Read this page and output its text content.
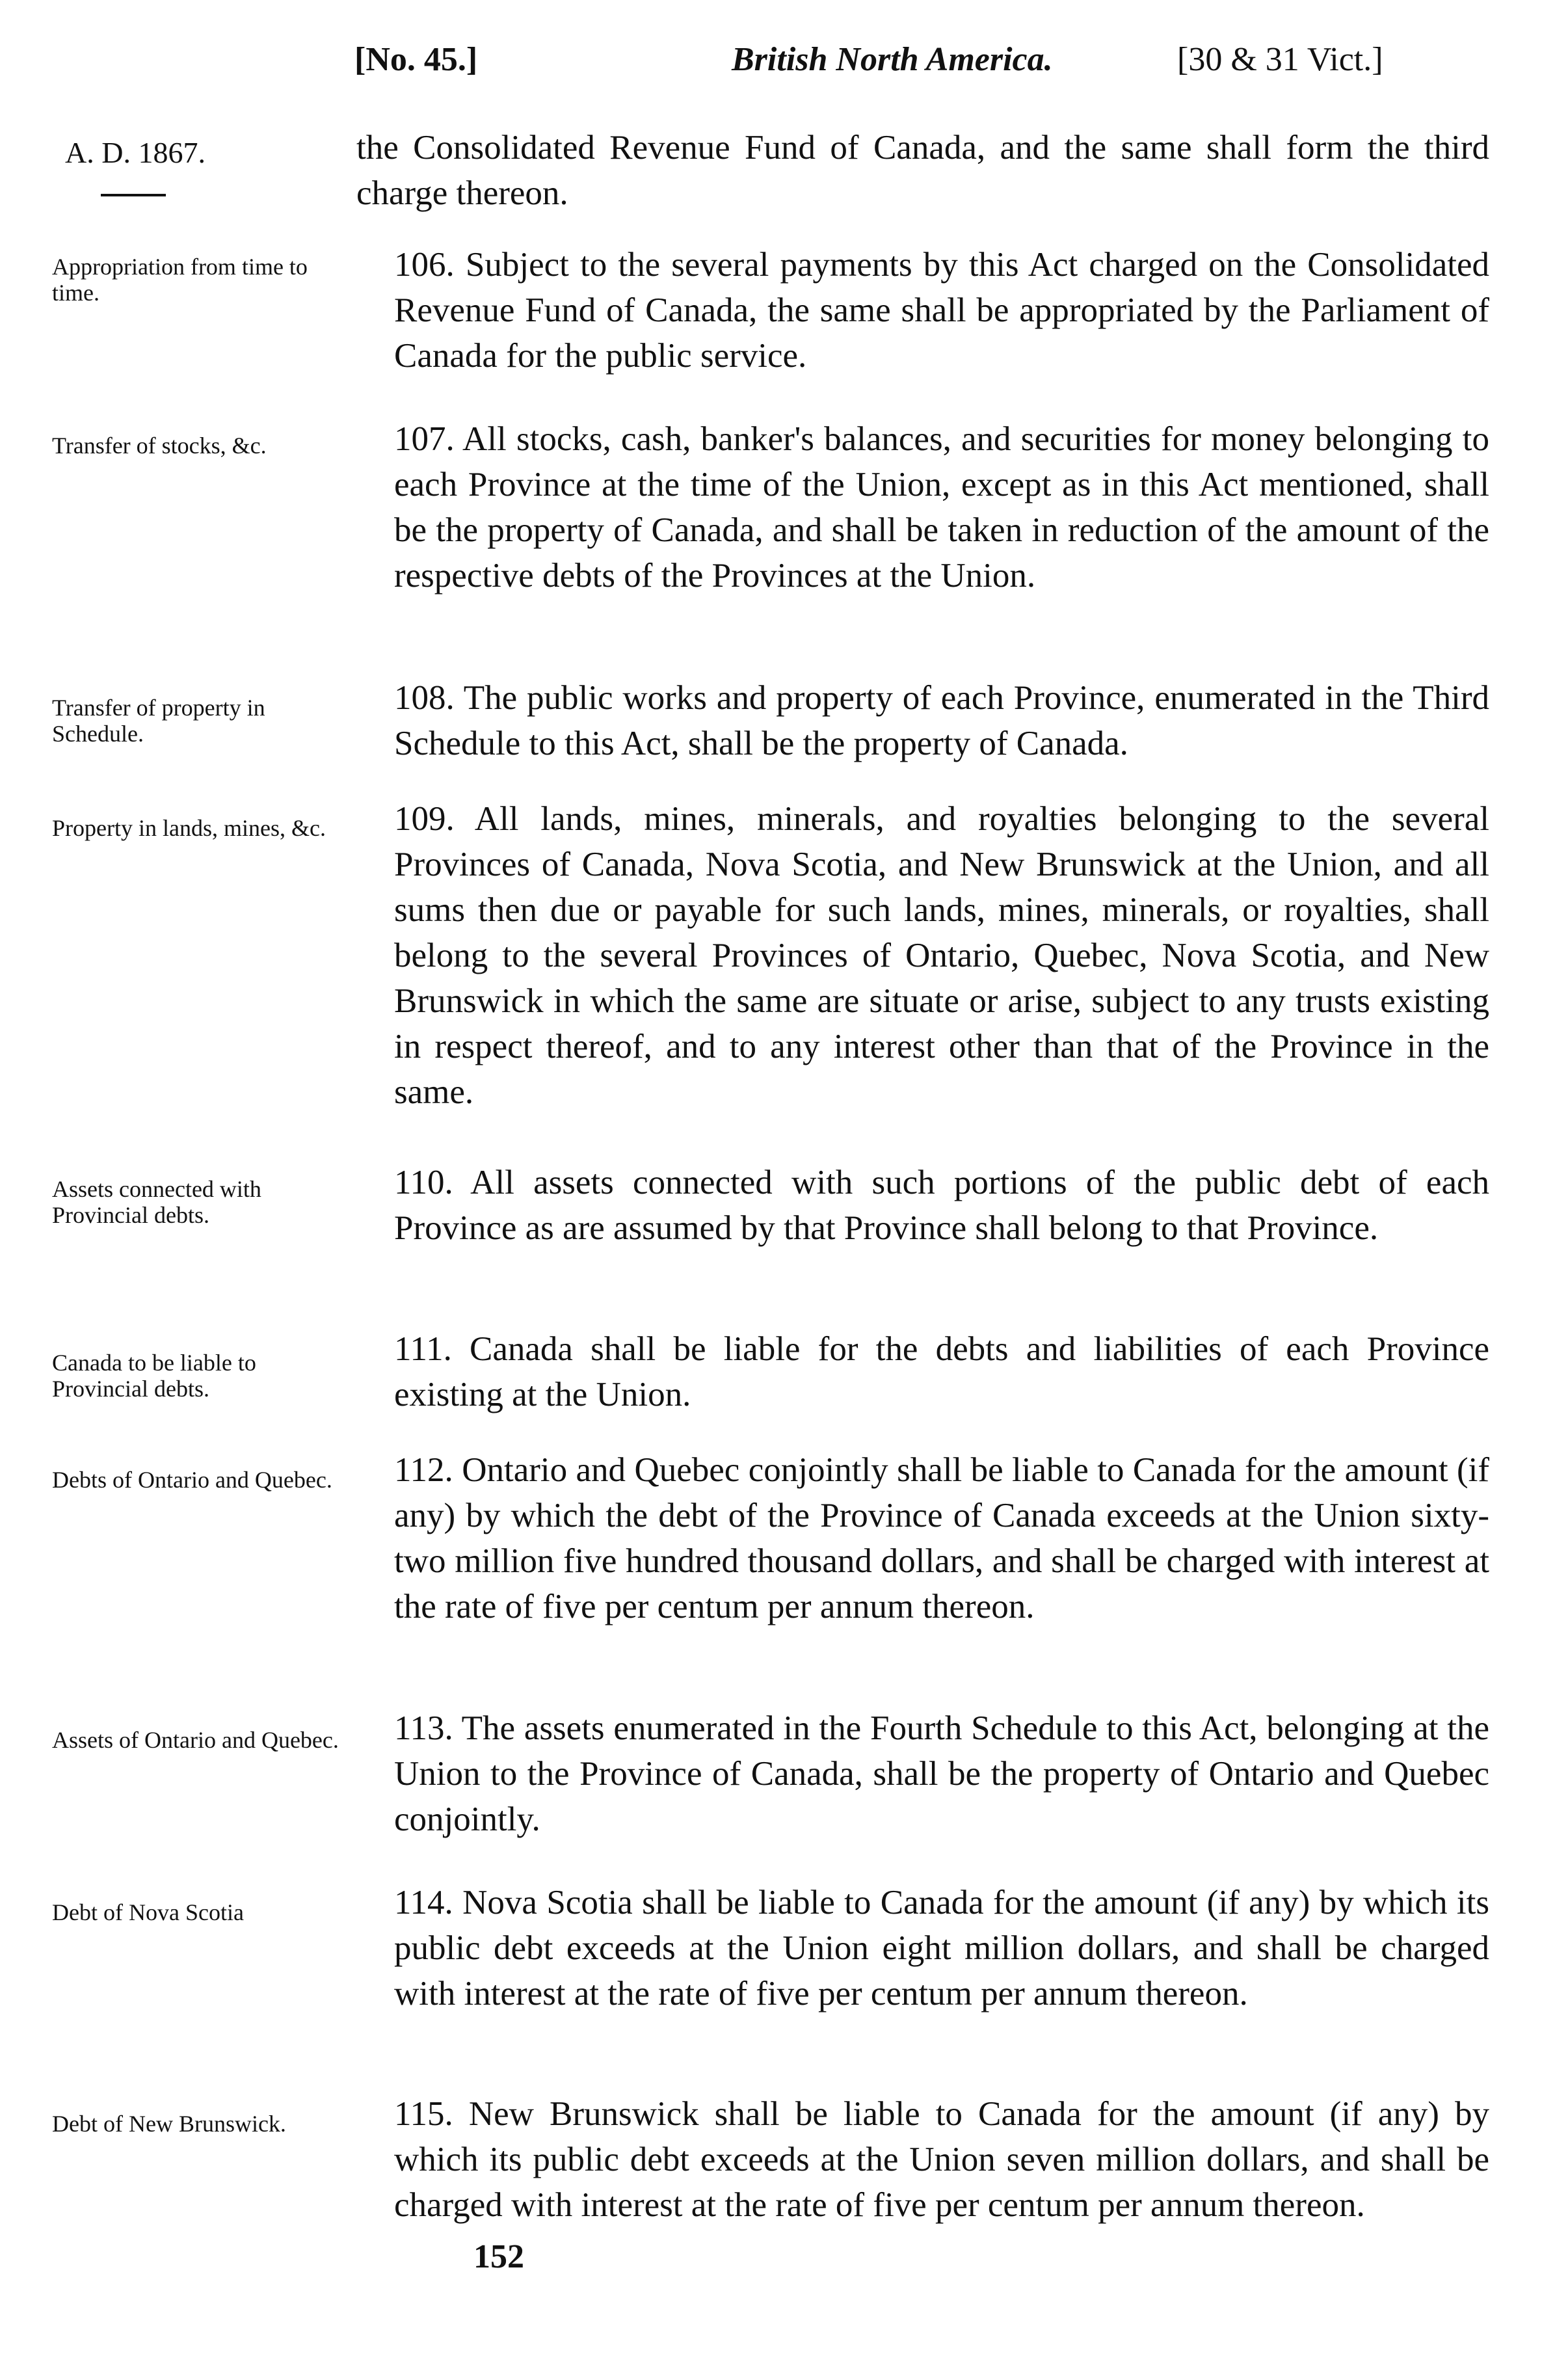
[No. 45.]	British North America.	[30 & 31 Vict.]
A. D. 1867.	the Consolidated Revenue Fund of Canada, and the same shall form the third charge thereon.
Appropriation from time to time.
106. Subject to the several payments by this Act charged on the Consolidated Revenue Fund of Canada, the same shall be appropriated by the Parliament of Canada for the public service.
Transfer of stocks, &c.	107. All stocks, cash, banker's balances, and securities for money belonging to each Province at the time of the Union, except as in this Act mentioned, shall be the property of Canada, and shall be taken in reduction of the amount of the respective debts of the Provinces at the Union.
Transfer of property in Schedule.
108. The public works and property of each Province, enumerated in the Third Schedule to this Act, shall be the property of Canada.
Property in lands, mines, &c.	109. All lands, mines, minerals, and royalties belonging to the several Provinces of Canada, Nova Scotia, and New Brunswick at the Union, and all sums then due or payable for such lands, mines, minerals, or royalties, shall belong to the several Provinces of Ontario, Quebec, Nova Scotia, and New Brunswick in which the same are situate or arise, subject to any trusts existing in respect thereof, and to any interest other than that of the Province in the same.
Assets connected with Provincial debts.
110. All assets connected with such portions of the public debt of each Province as are assumed by that Province shall belong to that Province.
Canada to be liable to Provincial debts.
111. Canada shall be liable for the debts and liabilities of each Province existing at the Union.
Debts of Ontario and Quebec.	112. Ontario and Quebec conjointly shall be liable to Canada for the amount (if any) by which the debt of the Province of Canada exceeds at the Union sixty-two million five hundred thousand dollars, and shall be charged with interest at the rate of five per centum per annum thereon.
Assets of Ontario and Quebec.	113. The assets enumerated in the Fourth Schedule to this Act, belonging at the Union to the Province of Canada, shall be the property of Ontario and Quebec conjointly.
Debt of Nova Scotia	114. Nova Scotia shall be liable to Canada for the amount (if any) by which its public debt exceeds at the Union eight million dollars, and shall be charged with interest at the rate of five per centum per annum thereon.
Debt of New Brunswick.	115. New Brunswick shall be liable to Canada for the amount (if any) by which its public debt exceeds at the Union seven million dollars, and shall be charged with interest at the rate of five per centum per annum thereon.
152
